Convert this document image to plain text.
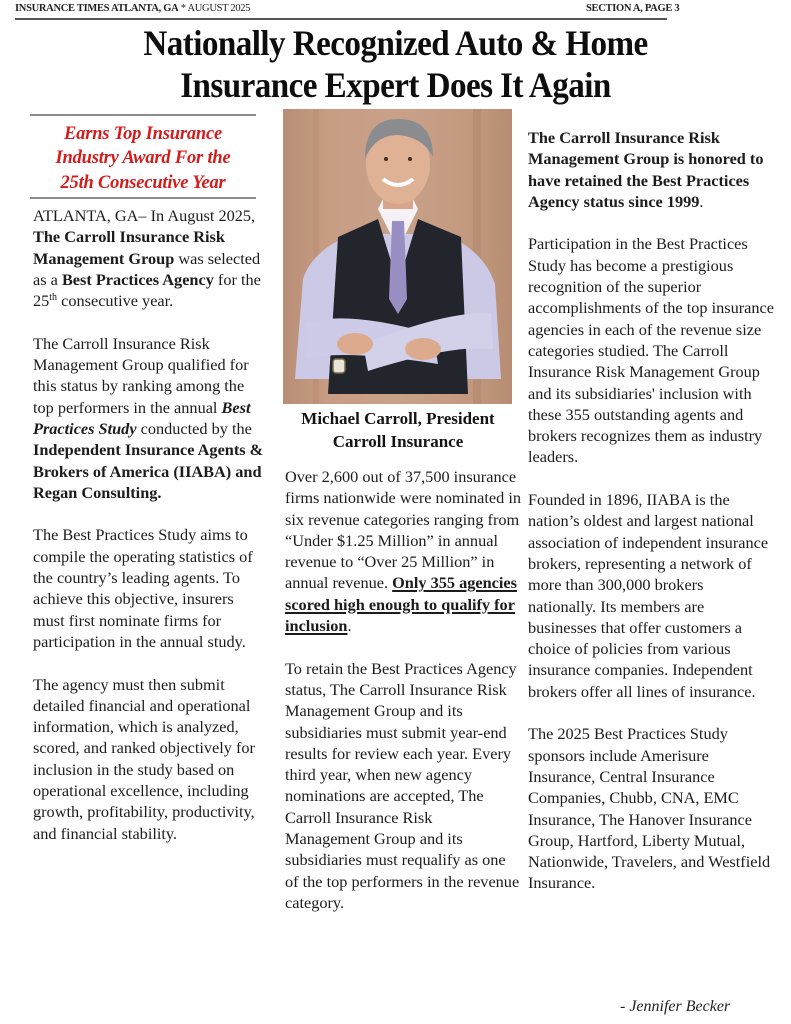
INSURANCE TIMES ATLANTA, GA * AUGUST 2025	SECTION A, PAGE 3
Nationally Recognized Auto & Home
Insurance Expert Does It Again
Earns Top Insurance
Industry Award For the
25th Consecutive Year

ATLANTA, GA– In August 2025, The Carroll Insurance Risk Management Group was selected as a Best Practices Agency for the 25th consecutive year.

The Carroll Insurance Risk Management Group qualified for this status by ranking among the top performers in the annual Best Practices Study conducted by the Independent Insurance Agents & Brokers of America (IIABA) and Regan Consulting.

The Best Practices Study aims to compile the operating statistics of the country’s leading agents. To achieve this objective, insurers must first nominate firms for participation in the annual study.

The agency must then submit detailed financial and operational information, which is analyzed, scored, and ranked objectively for inclusion in the study based on operational excellence, including growth, profitability, productivity, and financial stability.

Michael Carroll, President
Carroll Insurance

Over 2,600 out of 37,500 insurance firms nationwide were nominated in six revenue categories ranging from “Under $1.25 Million” in annual revenue to “Over 25 Million” in annual revenue. Only 355 agencies scored high enough to qualify for inclusion.

To retain the Best Practices Agency status, The Carroll Insurance Risk Management Group and its subsidiaries must submit year-end results for review each year. Every third year, when new agency nominations are accepted, The Carroll Insurance Risk Management Group and its subsidiaries must requalify as one of the top performers in the revenue category.

The Carroll Insurance Risk Management Group is honored to have retained the Best Practices Agency status since 1999.

Participation in the Best Practices Study has become a prestigious recognition of the superior accomplishments of the top insurance agencies in each of the revenue size categories studied. The Carroll Insurance Risk Management Group and its subsidiaries' inclusion with these 355 outstanding agents and brokers recognizes them as industry leaders.

Founded in 1896, IIABA is the nation’s oldest and largest national association of independent insurance brokers, representing a network of more than 300,000 brokers nationally. Its members are businesses that offer customers a choice of policies from various insurance companies. Independent brokers offer all lines of insurance.

The 2025 Best Practices Study sponsors include Amerisure Insurance, Central Insurance Companies, Chubb, CNA, EMC Insurance, The Hanover Insurance Group, Hartford, Liberty Mutual, Nationwide, Travelers, and Westfield Insurance.

- Jennifer Becker
